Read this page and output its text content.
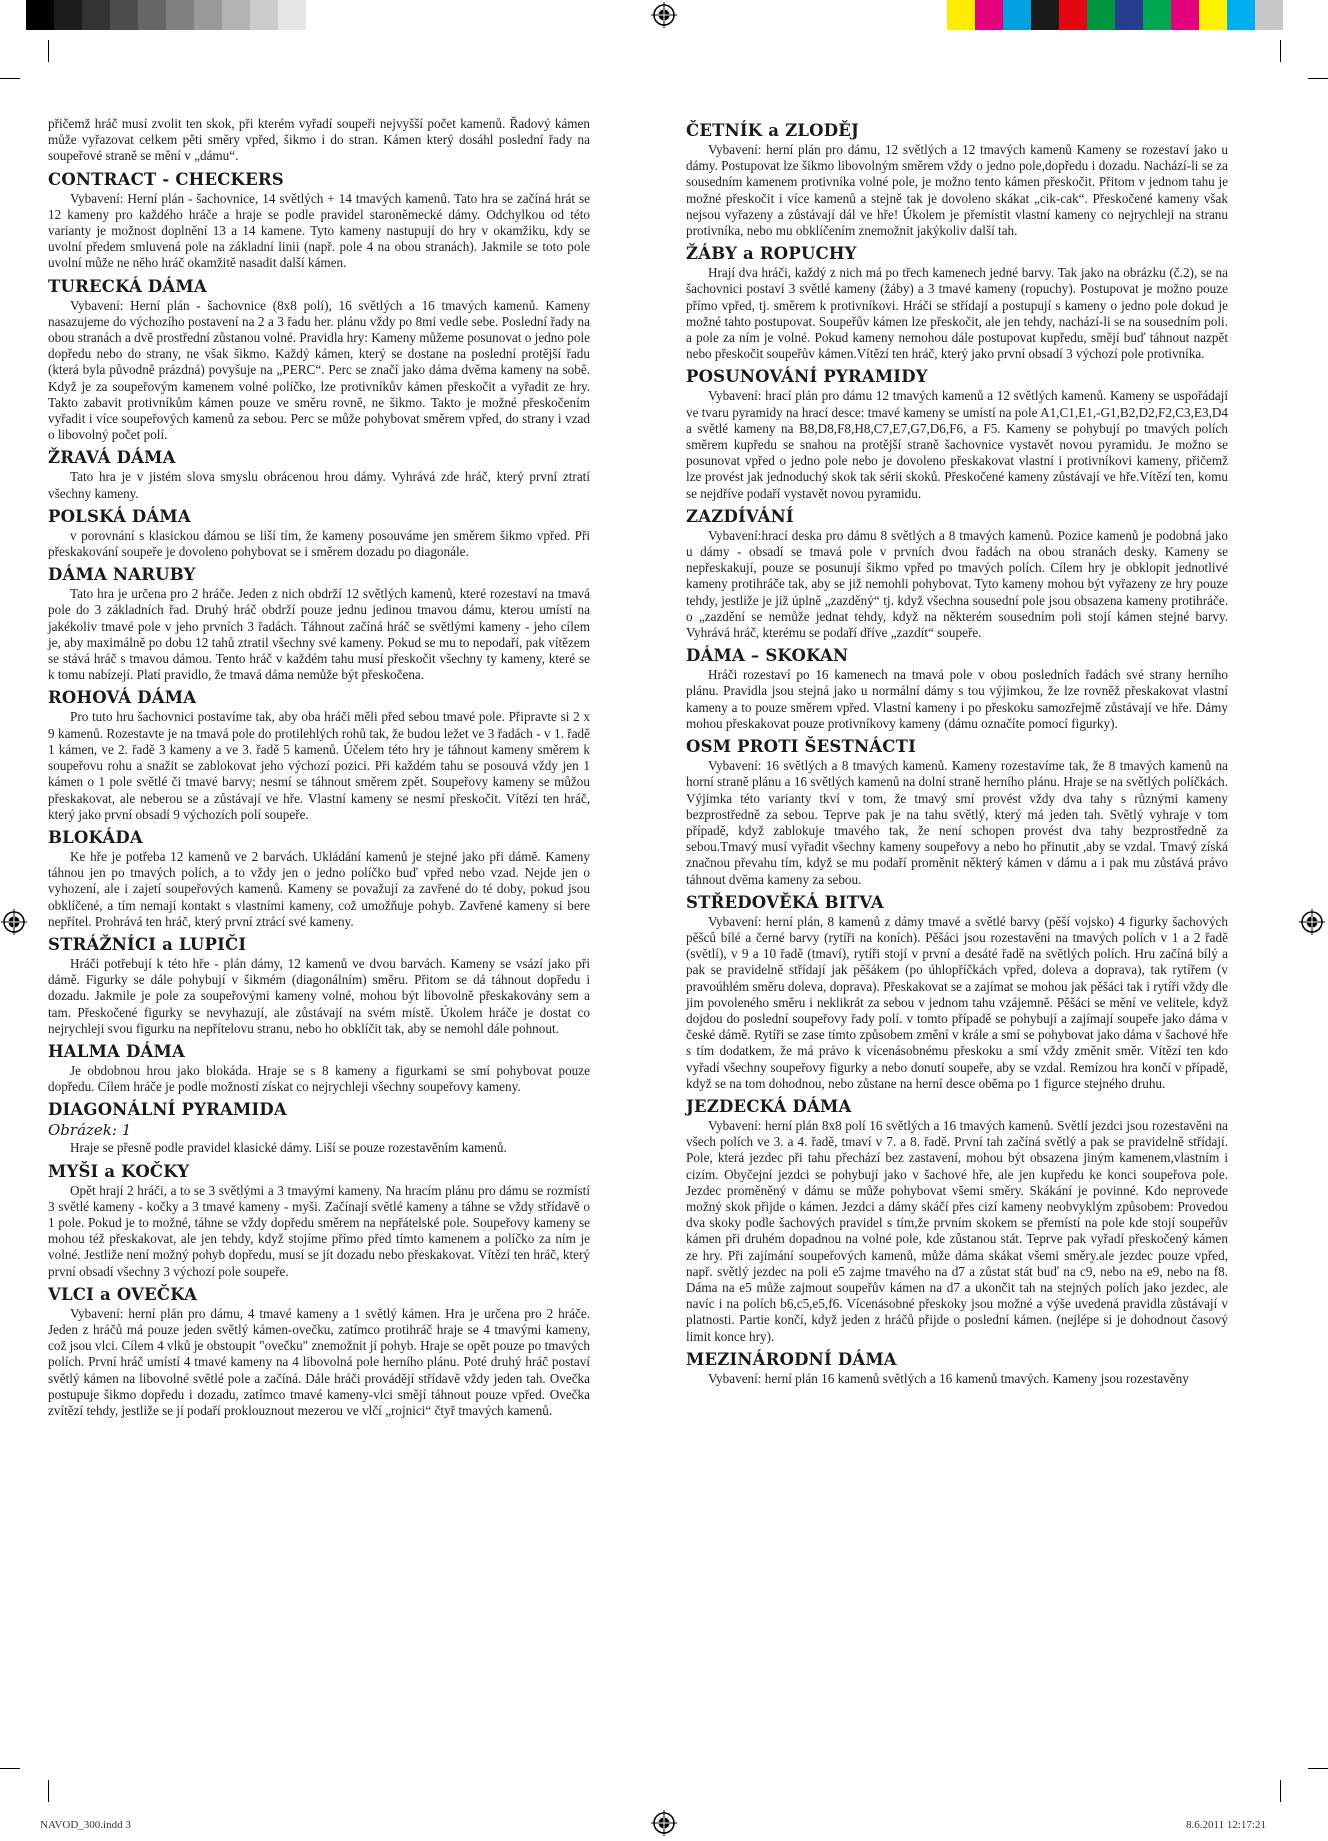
přičemž hráč musí zvolit ten skok, při kterém vyřadí soupeři nejvyšší počet kamenů. Řadový kámen může vyřazovat celkem pěti směry vpřed, šikmo i do stran. Kámen který dosáhl poslední řady na soupeřové straně se mění v „dámu“.

CONTRACT - CHECKERS

Vybavení: Herní plán - šachovnice, 14 světlých + 14 tmavých kamenů. Tato hra se začíná hrát se 12 kameny pro každého hráče a hraje se podle pravidel staroněmecké dámy. Odchylkou od této varianty je možnost doplnění 13 a 14 kamene. Tyto kameny nastupují do hry v okamžiku, kdy se uvolní předem smluvená pole na základní linii (např. pole 4 na obou stranách). Jakmile se toto pole uvolní může ne něho hráč okamžitě nasadit další kámen.

TURECKÁ DÁMA

Vybavení: Herní plán - šachovnice (8x8 polí), 16 světlých a 16 tmavých kamenů. Kameny nasazujeme do výchozího postavení na 2 a 3 řadu her. plánu vždy po 8mi vedle sebe. Poslední řady na obou stranách a dvě prostřední zůstanou volné. Pravidla hry: Kameny můžeme posunovat o jedno pole dopředu nebo do strany, ne však šikmo. Každý kámen, který se dostane na poslední protější řadu (která byla původně prázdná) povyšuje na „PERC“. Perc se značí jako dáma dvěma kameny na sobě. Když je za soupeřovým kamenem volné políčko, lze protivníkův kámen přeskočit a vyřadit ze hry. Takto zabavit protivníkům kámen pouze ve směru rovně, ne šikmo. Takto je možné přeskočením vyřadit i více soupeřových kamenů za sebou. Perc se může pohybovat směrem vpřed, do strany i vzad o libovolný počet polí.

ŽRAVÁ DÁMA

Tato hra je v jistém slova smyslu obrácenou hrou dámy. Vyhrává zde hráč, který první ztratí všechny kameny.

POLSKÁ DÁMA

v porovnání s klasickou dámou se liší tím, že kameny posouváme jen směrem šikmo vpřed. Při přeskakování soupeře je dovoleno pohybovat se i směrem dozadu po diagonále.

DÁMA NARUBY

Tato hra je určena pro 2 hráče. Jeden z nich obdrží 12 světlých kamenů, které rozestaví na tmavá pole do 3 základních řad. Druhý hráč obdrží pouze jednu jedinou tmavou dámu, kterou umístí na jakékoliv tmavé pole v jeho prvních 3 řadách. Táhnout začíná hráč se světlými kameny - jeho cílem je, aby maximálně po dobu 12 tahů ztratil všechny své kameny. Pokud se mu to nepodaří, pak vítězem se stává hráč s tmavou dámou. Tento hráč v každém tahu musí přeskočit všechny ty kameny, které se k tomu nabízejí. Platí pravidlo, že tmavá dáma nemůže být přeskočena.

ROHOVÁ DÁMA

Pro tuto hru šachovnici postavíme tak, aby oba hráči měli před sebou tmavé pole. Připravte si 2 x 9 kamenů. Rozestavte je na tmavá pole do protilehlých rohů tak, že budou ležet ve 3 řadách - v 1. řadě 1 kámen, ve 2. řadě 3 kameny a ve 3. řadě 5 kamenů. Účelem této hry je táhnout kameny směrem k soupeřovu rohu a snažit se zablokovat jeho výchozí pozici. Při každém tahu se posouvá vždy jen 1 kámen o 1 pole světlé či tmavé barvy; nesmí se táhnout směrem zpět. Soupeřovy kameny se můžou přeskakovat, ale neberou se a zůstávají ve hře. Vlastní kameny se nesmí přeskočit. Vítězí ten hráč, který jako první obsadí 9 výchozích polí soupeře.

BLOKÁDA

Ke hře je potřeba 12 kamenů ve 2 barvách. Ukládání kamenů je stejné jako při dámě. Kameny táhnou jen po tmavých polích, a to vždy jen o jedno políčko buď vpřed nebo vzad. Nejde jen o vyhození, ale i zajetí soupeřových kamenů. Kameny se považují za zavřené do té doby, pokud jsou obklíčené, a tím nemají kontakt s vlastními kameny, což umožňuje pohyb. Zavřené kameny si bere nepřítel. Prohrává ten hráč, který první ztrácí své kameny.

STRÁŽNÍCI a LUPIČI

Hráči potřebují k této hře - plán dámy, 12 kamenů ve dvou barvách. Kameny se vsází jako při dámě. Figurky se dále pohybují v šikmém (diagonálním) směru. Přitom se dá táhnout dopředu i dozadu. Jakmile je pole za soupeřovými kameny volné, mohou být libovolně přeskakovány sem a tam. Přeskočené figurky se nevyhazují, ale zůstávají na svém místě. Úkolem hráče je dostat co nejrychleji svou figurku na nepřítelovu stranu, nebo ho obklíčit tak, aby se nemohl dále pohnout.

HALMA DÁMA

Je obdobnou hrou jako blokáda. Hraje se s 8 kameny a figurkami se smí pohybovat pouze dopředu. Cílem hráče je podle možností získat co nejrychleji všechny soupeřovy kameny.

DIAGONÁLNÍ PYRAMIDA
Obrázek: 1

Hraje se přesně podle pravidel klasické dámy. Liší se pouze rozestavěním kamenů.

MYŠI a KOČKY

Opět hrají 2 hráči, a to se 3 světlými a 3 tmavými kameny. Na hracím plánu pro dámu se rozmístí 3 světlé kameny - kočky a 3 tmavé kameny - myši. Začínají světlé kameny a táhne se vždy střídavě o 1 pole. Pokud je to možné, táhne se vždy dopředu směrem na nepřátelské pole. Soupeřovy kameny se mohou též přeskakovat, ale jen tehdy, když stojíme přímo před tímto kamenem a políčko za ním je volné. Jestliže není možný pohyb dopředu, musí se jít dozadu nebo přeskakovat. Vítězí ten hráč, který první obsadí všechny 3 výchozí pole soupeře.

VLCI a OVEČKA

Vybavení: herní plán pro dámu, 4 tmavé kameny a 1 světlý kámen. Hra je určena pro 2 hráče. Jeden z hráčů má pouze jeden světlý kámen-ovečku, zatímco protihráč hraje se 4 tmavými kameny, což jsou vlci. Cílem 4 vlků je obstoupit "ovečku" znemožnit jí pohyb. Hraje se opět pouze po tmavých polích. První hráč umístí 4 tmavé kameny na 4 libovolná pole herního plánu. Poté druhý hráč postaví světlý kámen na libovolné světlé pole a začíná. Dále hráči provádějí střídavě vždy jeden tah. Ovečka postupuje šikmo dopředu i dozadu, zatímco tmavé kameny-vlci smějí táhnout pouze vpřed. Ovečka zvítězí tehdy, jestliže se jí podaří proklouznout mezerou ve vlčí „rojnici“ čtyř tmavých kamenů.

ČETNÍK a ZLODĚJ

Vybavení: herní plán pro dámu, 12 světlých a 12 tmavých kamenů Kameny se rozestaví jako u dámy. Postupovat lze šikmo libovolným směrem vždy o jedno pole,dopředu i dozadu. Nachází-li se za sousedním kamenem protivníka volné pole, je možno tento kámen přeskočit. Přitom v jednom tahu je možné přeskočit i více kamenů a stejně tak je dovoleno skákat „cik-cak“. Přeskočené kameny však nejsou vyřazeny a zůstávají dál ve hře! Úkolem je přemístit vlastní kameny co nejrychleji na stranu protivníka, nebo mu obklíčením znemožnit jakýkoliv další tah.

ŽÁBY a ROPUCHY

Hrají dva hráči, každý z nich má po třech kamenech jedné barvy. Tak jako na obrázku (č.2), se na šachovnici postaví 3 světlé kameny (žáby) a 3 tmavé kameny (ropuchy). Postupovat je možno pouze přímo vpřed, tj. směrem k protivníkovi. Hráči se střídají a postupují s kameny o jedno pole dokud je možné tahto postupovat. Soupeřův kámen lze přeskočit, ale jen tehdy, nachází-li se na sousedním poli. a pole za ním je volné. Pokud kameny nemohou dále postupovat kupředu, smějí buď táhnout nazpět nebo přeskočit soupeřův kámen.Vítězí ten hráč, který jako první obsadí 3 výchozí pole protivníka.

POSUNOVÁNÍ PYRAMIDY

Vybavení: hrací plán pro dámu 12 tmavých kamenů a 12 světlých kamenů. Kameny se uspořádají ve tvaru pyramidy na hrací desce: tmavé kameny se umístí na pole A1,C1,E1,-G1,B2,D2,F2,C3,E3,D4 a světlé kameny na B8,D8,F8,H8,C7,E7,G7,D6,F6, a F5. Kameny se pohybují po tmavých polích směrem kupředu se snahou na protější straně šachovnice vystavět novou pyramidu. Je možno se posunovat vpřed o jedno pole nebo je dovoleno přeskakovat vlastní i protivníkovi kameny, přičemž lze provést jak jednoduchý skok tak sérii skoků. Přeskočené kameny zůstávají ve hře.Vítězí ten, komu se nejdříve podaří vystavět novou pyramidu.

ZAZDÍVÁNÍ

Vybavení:hrací deska pro dámu 8 světlých a 8 tmavých kamenů. Pozice kamenů je podobná jako u dámy - obsadí se tmavá pole v prvních dvou řadách na obou stranách desky. Kameny se nepřeskakují, pouze se posunují šikmo vpřed po tmavých polích. Cílem hry je obklopit jednotlivé kameny protihráče tak, aby se již nemohli pohybovat. Tyto kameny mohou být vyřazeny ze hry pouze tehdy, jestliže je již úplně „zazděný“ tj. když všechna sousední pole jsou obsazena kameny protihráče. o „zazdění se nemůže jednat tehdy, když na některém sousedním poli stojí kámen stejné barvy. Vyhrává hráč, kterému se podaří dříve „zazdít“ soupeře.

DÁMA – SKOKAN

Hráči rozestaví po 16 kamenech na tmavá pole v obou posledních řadách své strany herního plánu. Pravidla jsou stejná jako u normální dámy s tou výjimkou, že lze rovněž přeskakovat vlastní kameny a to pouze směrem vpřed. Vlastní kameny i po přeskoku samozřejmě zůstávají ve hře. Dámy mohou přeskakovat pouze protivníkovy kameny (dámu označíte pomocí figurky).

OSM PROTI ŠESTNÁCTI

Vybavení: 16 světlých a 8 tmavých kamenů. Kameny rozestavíme tak, že 8 tmavých kamenů na horní straně plánu a 16 světlých kamenů na dolní straně herního plánu. Hraje se na světlých políčkách. Výjimka této varianty tkví v tom, že tmavý smí provést vždy dva tahy s různými kameny bezprostředně za sebou. Teprve pak je na tahu světlý, který má jeden tah. Světlý vyhraje v tom případě, když zablokuje tmavého tak, že není schopen provést dva tahy bezprostředně za sebou.Tmavý musí vyřadit všechny kameny soupeřovy a nebo ho přinutit ,aby se vzdal. Tmavý získá značnou převahu tím, když se mu podaří proměnit některý kámen v dámu a i pak mu zůstává právo táhnout dvěma kameny za sebou.

STŘEDOVĚKÁ BITVA

Vybavení: herní plán, 8 kamenů z dámy tmavé a světlé barvy (pěší vojsko) 4 figurky šachových pěšců bílé a černé barvy (rytíři na koních). Pěšáci jsou rozestavěni na tmavých polích v 1 a 2 řadě (světlí), v 9 a 10 řadě (tmaví), rytíři stojí v první a desáté řadě na světlých polích. Hru začíná bílý a pak se pravidelně střídají jak pěšákem (po úhlopříčkách vpřed, doleva a doprava), tak rytířem (v pravoúhlém směru doleva, doprava). Přeskakovat se a zajímat se mohou jak pěšáci tak i rytíři vždy dle jim povoleného směru i neklikrát za sebou v jednom tahu vzájemně. Pěšáci se mění ve velitele, když dojdou do poslední soupeřovy řady polí. v tomto případě se pohybují a zajímají soupeře jako dáma v české dámě. Rytíři se zase tímto způsobem změní v krále a smí se pohybovat jako dáma v šachové hře s tím dodatkem, že má právo k vícenásobnému přeskoku a smí vždy změnit směr. Vítězí ten kdo vyřadí všechny soupeřovy figurky a nebo donutí soupeře, aby se vzdal. Remízou hra končí v případě, když se na tom dohodnou, nebo zůstane na herní desce oběma po 1 figurce stejného druhu.

JEZDECKÁ DÁMA

Vybavení: herní plán 8x8 polí 16 světlých a 16 tmavých kamenů. Světlí jezdci jsou rozestavěni na všech polích ve 3. a 4. řadě, tmaví v 7. a 8. řadě. První tah začíná světlý a pak se pravidelně střídají. Pole, která jezdec při tahu přechází bez zastavení, mohou být obsazena jiným kamenem,vlastním i cizím. Obyčejní jezdci se pohybují jako v šachové hře, ale jen kupředu ke konci soupeřova pole. Jezdec proměněný v dámu se může pohybovat všemi směry. Skákání je povinné. Kdo neprovede možný skok přijde o kámen. Jezdci a dámy skáčí přes cizí kameny neobvyklým způsobem: Provedou dva skoky podle šachových pravidel s tím,že prvním skokem se přemístí na pole kde stojí soupeřův kámen při druhém dopadnou na volné pole, kde zůstanou stát. Teprve pak vyřadí přeskočený kámen ze hry. Při zajímání soupeřových kamenů, může dáma skákat všemi směry.ale jezdec pouze vpřed, např. světlý jezdec na poli e5 zajme tmavého na d7 a zůstat stát buď na c9, nebo na e9, nebo na f8. Dáma na e5 může zajmout soupeřův kámen na d7 a ukončit tah na stejných polích jako jezdec, ale navíc i na polích b6,c5,e5,f6. Vícenásobné přeskoky jsou možné a výše uvedená pravidla zůstávají v platnosti. Partie končí, když jeden z hráčů přijde o poslední kámen. (nejlépe si je dohodnout časový limit konce hry).

MEZINÁRODNÍ DÁMA

Vybavení: herní plán 16 kamenů světlých a 16 kamenů tmavých. Kameny jsou rozestavěny

NAVOD_300.indd 3	8.6.2011 12:17:21
